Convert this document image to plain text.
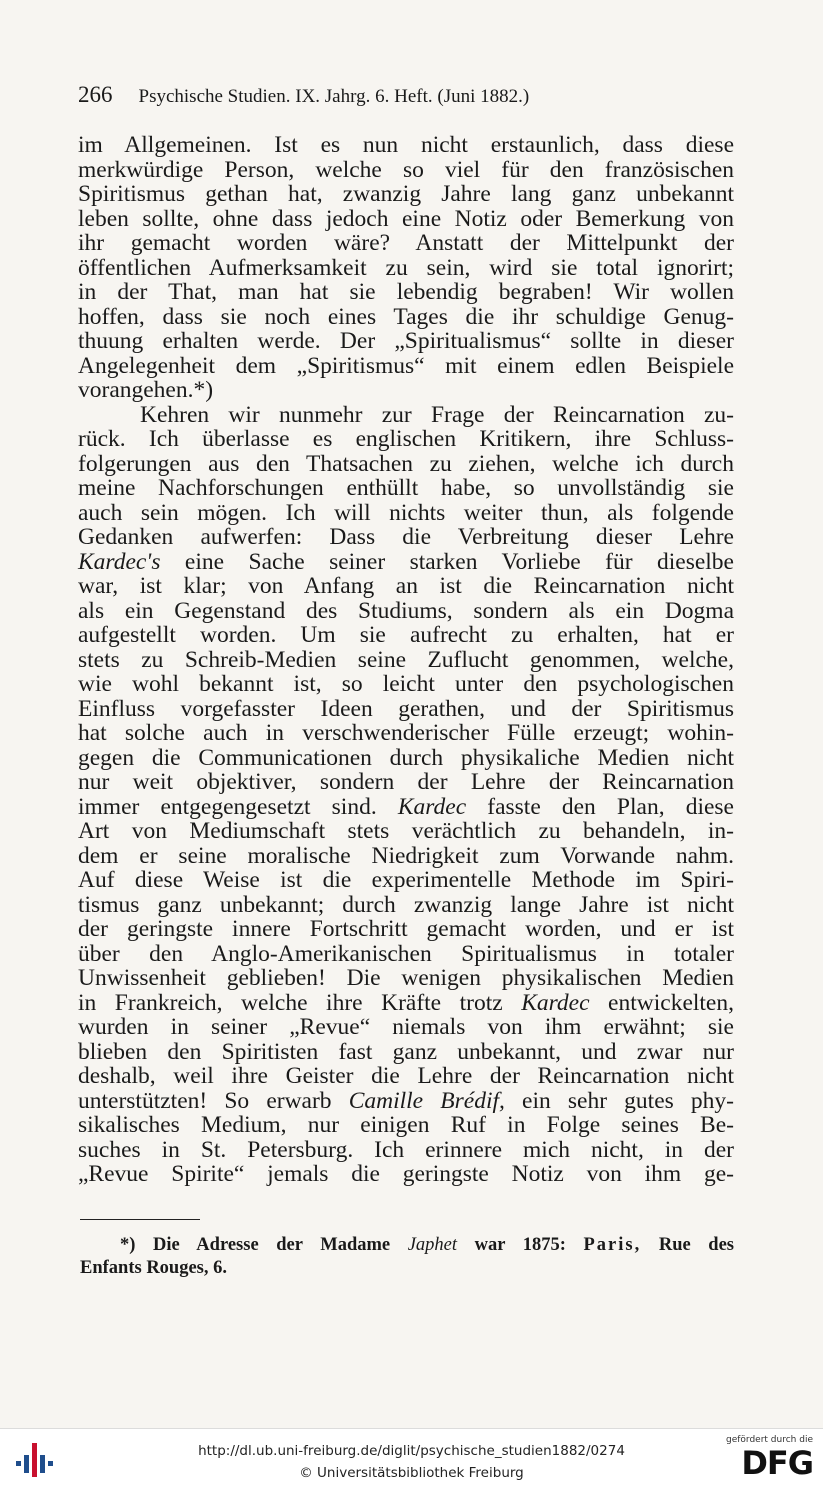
266 Psychische Studien. IX. Jahrg. 6. Heft. (Juni 1882.)
im Allgemeinen. Ist es nun nicht erstaunlich, dass diese
merkwürdige Person, welche so viel für den französischen
Spiritismus gethan hat, zwanzig Jahre lang ganz unbekannt
leben sollte, ohne dass jedoch eine Notiz oder Bemerkung von
ihr gemacht worden wäre? Anstatt der Mittelpunkt der
öffentlichen Aufmerksamkeit zu sein, wird sie total ignorirt;
in der That, man hat sie lebendig begraben! Wir wollen
hoffen, dass sie noch eines Tages die ihr schuldige Genug-
thuung erhalten werde. Der „Spiritualismus“ sollte in dieser
Angelegenheit dem „Spiritismus“ mit einem edlen Beispiele
vorangehen.*)
Kehren wir nunmehr zur Frage der Reincarnation zu-
rück. Ich überlasse es englischen Kritikern, ihre Schluss-
folgerungen aus den Thatsachen zu ziehen, welche ich durch
meine Nachforschungen enthüllt habe, so unvollständig sie
auch sein mögen. Ich will nichts weiter thun, als folgende
Gedanken aufwerfen: Dass die Verbreitung dieser Lehre
Kardec's eine Sache seiner starken Vorliebe für dieselbe
war, ist klar; von Anfang an ist die Reincarnation nicht
als ein Gegenstand des Studiums, sondern als ein Dogma
aufgestellt worden. Um sie aufrecht zu erhalten, hat er
stets zu Schreib-Medien seine Zuflucht genommen, welche,
wie wohl bekannt ist, so leicht unter den psychologischen
Einfluss vorgefasster Ideen gerathen, und der Spiritismus
hat solche auch in verschwenderischer Fülle erzeugt; wohin-
gegen die Communicationen durch physikaliche Medien nicht
nur weit objektiver, sondern der Lehre der Reincarnation
immer entgegengesetzt sind. Kardec fasste den Plan, diese
Art von Mediumschaft stets verächtlich zu behandeln, in-
dem er seine moralische Niedrigkeit zum Vorwande nahm.
Auf diese Weise ist die experimentelle Methode im Spiri-
tismus ganz unbekannt; durch zwanzig lange Jahre ist nicht
der geringste innere Fortschritt gemacht worden, und er ist
über den Anglo-Amerikanischen Spiritualismus in totaler
Unwissenheit geblieben! Die wenigen physikalischen Medien
in Frankreich, welche ihre Kräfte trotz Kardec entwickelten,
wurden in seiner „Revue“ niemals von ihm erwähnt; sie
blieben den Spiritisten fast ganz unbekannt, und zwar nur
deshalb, weil ihre Geister die Lehre der Reincarnation nicht
unterstützten! So erwarb Camille Brédif, ein sehr gutes phy-
sikalisches Medium, nur einigen Ruf in Folge seines Be-
suches in St. Petersburg. Ich erinnere mich nicht, in der
„Revue Spirite“ jemals die geringste Notiz von ihm ge-
*) Die Adresse der Madame Japhet war 1875: Paris, Rue des
Enfants Rouges, 6.
http://dl.ub.uni-freiburg.de/diglit/psychische_studien1882/0274
© Universitätsbibliothek Freiburg
gefördert durch die
DFG
